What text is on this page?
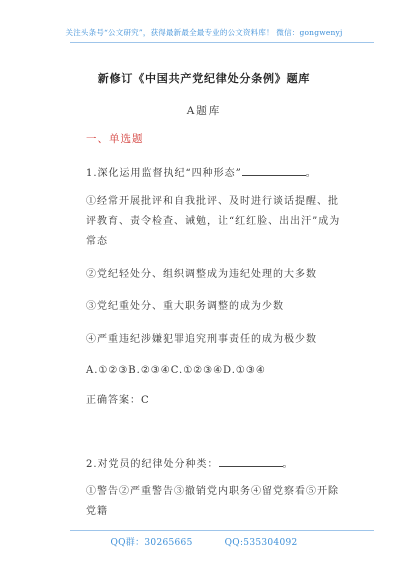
关注头条号“公文研究”，获得最新最全最专业的公文资料库！ 微信：gongwenyj
新修订《中国共产党纪律处分条例》题库
A题库
一、单选题
1.深化运用监督执纪“四种形态”	。
①经常开展批评和自我批评、及时进行谈话提醒、批评教育、责令检查、诫勉，让“红红脸、出出汗”成为常态
②党纪轻处分、组织调整成为违纪处理的大多数
③党纪重处分、重大职务调整的成为少数
④严重违纪涉嫌犯罪追究刑事责任的成为极少数
A.①②③B.②③④C.①②③④D.①③④
正确答案：C
2.对党员的纪律处分种类：	。
①警告②严重警告③撤销党内职务④留党察看⑤开除党籍
QQ群：30265665	QQ:535304092
